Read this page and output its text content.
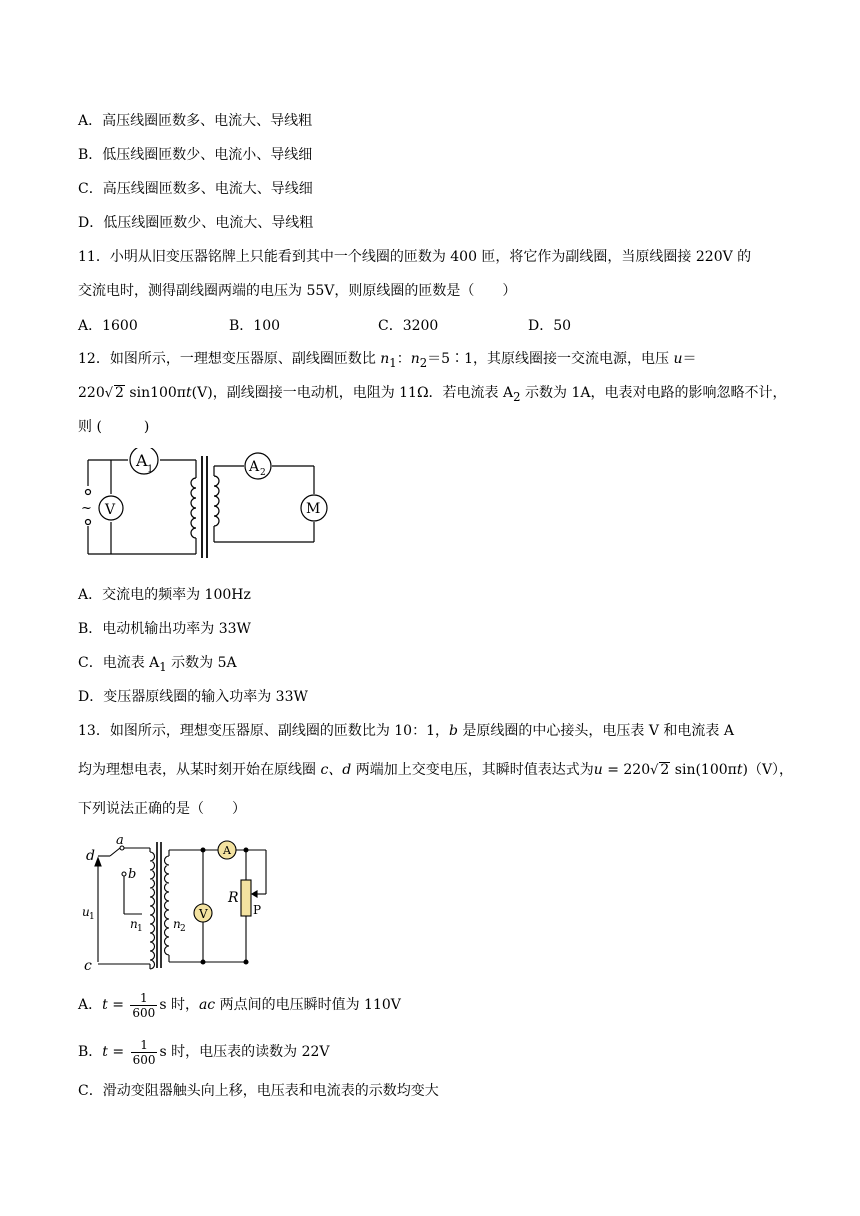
A．高压线圈匝数多、电流大、导线粗
B．低压线圈匝数少、电流小、导线细
C．高压线圈匝数多、电流大、导线细
D．低压线圈匝数少、电流大、导线粗
11．小明从旧变压器铭牌上只能看到其中一个线圈的匝数为 400 匝，将它作为副线圈，当原线圈接 220V 的
交流电时，测得副线圈两端的电压为 55V，则原线圈的匝数是（　　）
A．1600	B．100	C．3200	D．50
12．如图所示，一理想变压器原、副线圈匝数比 $n_1$：$n_2=5∶1$，其原线圈接一交流电源，电压 u＝
220√ 2 sin100πt(V)，副线圈接一电动机，电阻为 11Ω．若电流表 $A_2$ 示数为 1A，电表对电路的影响忽略不计，
则 (　　　)
A 1
V
A 2
M
~
A．交流电的频率为 100Hz
B．电动机输出功率为 33W
C．电流表 $A_1$ 示数为 5A
D．变压器原线圈的输入功率为 33W
13．如图所示，理想变压器原、副线圈的匝数比为 10：1，b 是原线圈的中心接头，电压表 V 和电流表 A
均为理想电表，从某时刻开始在原线圈 c、d 两端加上交变电压，其瞬时值表达式为u = 220√ 2 sin(100πt)（V），
下列说法正确的是（　　）
a
d
b
u 1	n 1	n 2
c
V
A
R
P
A．$t = \frac{1}{600}$ s 时，ac 两点间的电压瞬时值为 110V
B．$t = \frac{1}{600}$ s 时，电压表的读数为 22V
C．滑动变阻器触头向上移，电压表和电流表的示数均变大
